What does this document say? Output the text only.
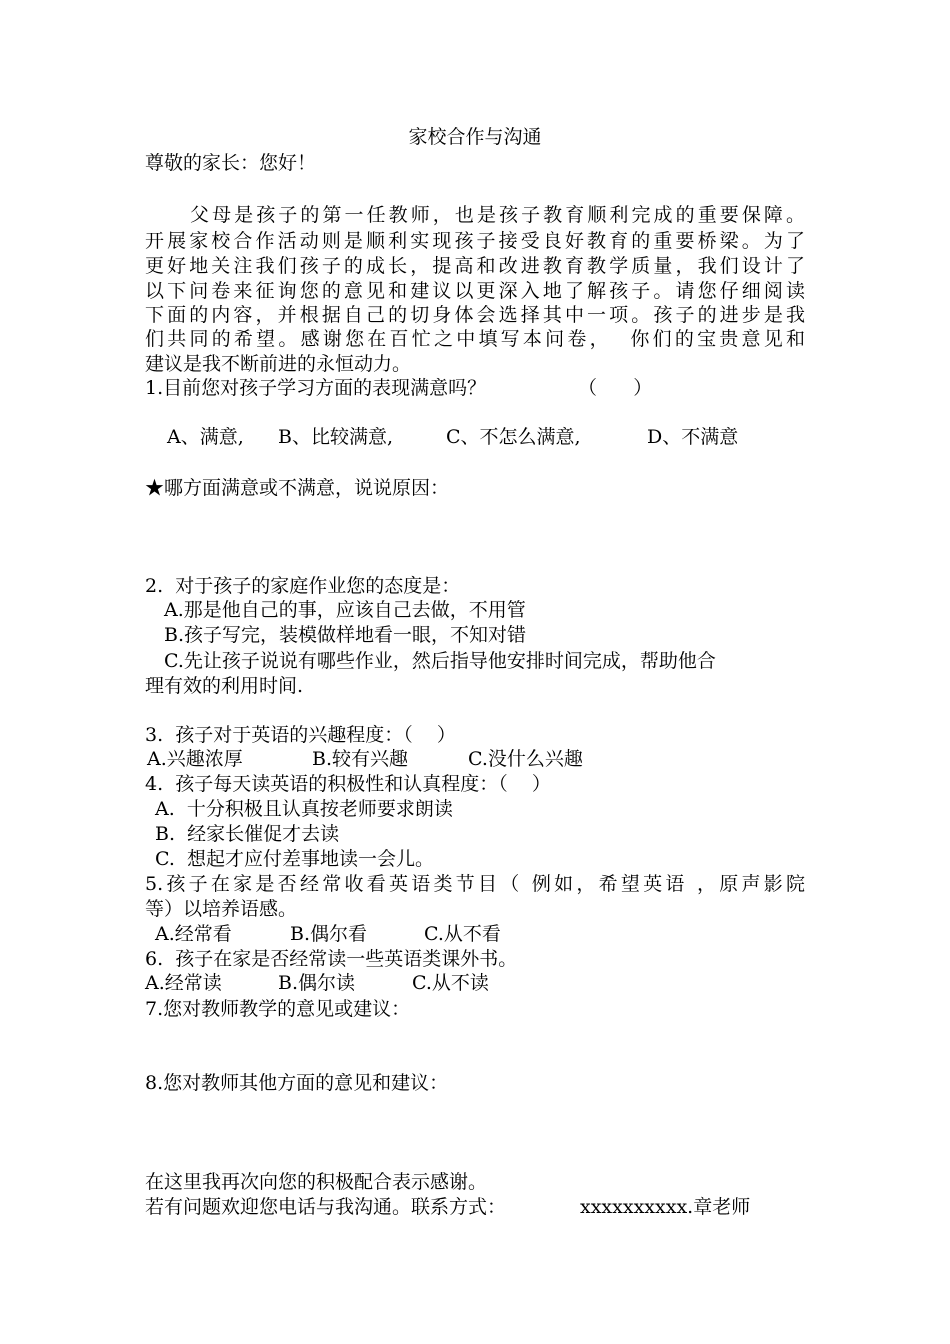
家校合作与沟通
尊敬的家长：您好！
父母是孩子的第一任教师，也是孩子教育顺利完成的重要保障。
开展家校合作活动则是顺利实现孩子接受良好教育的重要桥梁。为了
更好地关注我们孩子的成长，提高和改进教育教学质量，我们设计了
以下问卷来征询您的意见和建议以更深入地了解孩子。请您仔细阅读
下面的内容，并根据自己的切身体会选择其中一项。孩子的进步是我
们共同的希望。感谢您在百忙之中填写本问卷，  你们的宝贵意见和
建议是我不断前进的永恒动力。
1.目前您对孩子学习方面的表现满意吗？	（      ）
A、满意, B、比较满意,	C、不怎么满意,	D、不满意
★哪方面满意或不满意，说说原因：
2.  对于孩子的家庭作业您的态度是：
A.那是他自己的事，应该自己去做，不用管
B.孩子写完，装模做样地看一眼，不知对错
C.先让孩子说说有哪些作业，然后指导他安排时间完成，帮助他合
理有效的利用时间.
3.  孩子对于英语的兴趣程度：（    ）
A.兴趣浓厚	B.较有兴趣	C.没什么兴趣
4.  孩子每天读英语的积极性和认真程度：（    ）
A.  十分积极且认真按老师要求朗读
B.  经家长催促才去读
C.  想起才应付差事地读一会儿。
5.孩子在家是否经常收看英语类节目（ 例如，希望英语 ，原声影院
等）以培养语感。
A.经常看	B.偶尔看	C.从不看
6.  孩子在家是否经常读一些英语类课外书。
A.经常读	B.偶尔读	C.从不读
7.您对教师教学的意见或建议：
8.您对教师其他方面的意见和建议：
在这里我再次向您的积极配合表示感谢。
若有问题欢迎您电话与我沟通。联系方式：	xxxxxxxxxx.章老师
